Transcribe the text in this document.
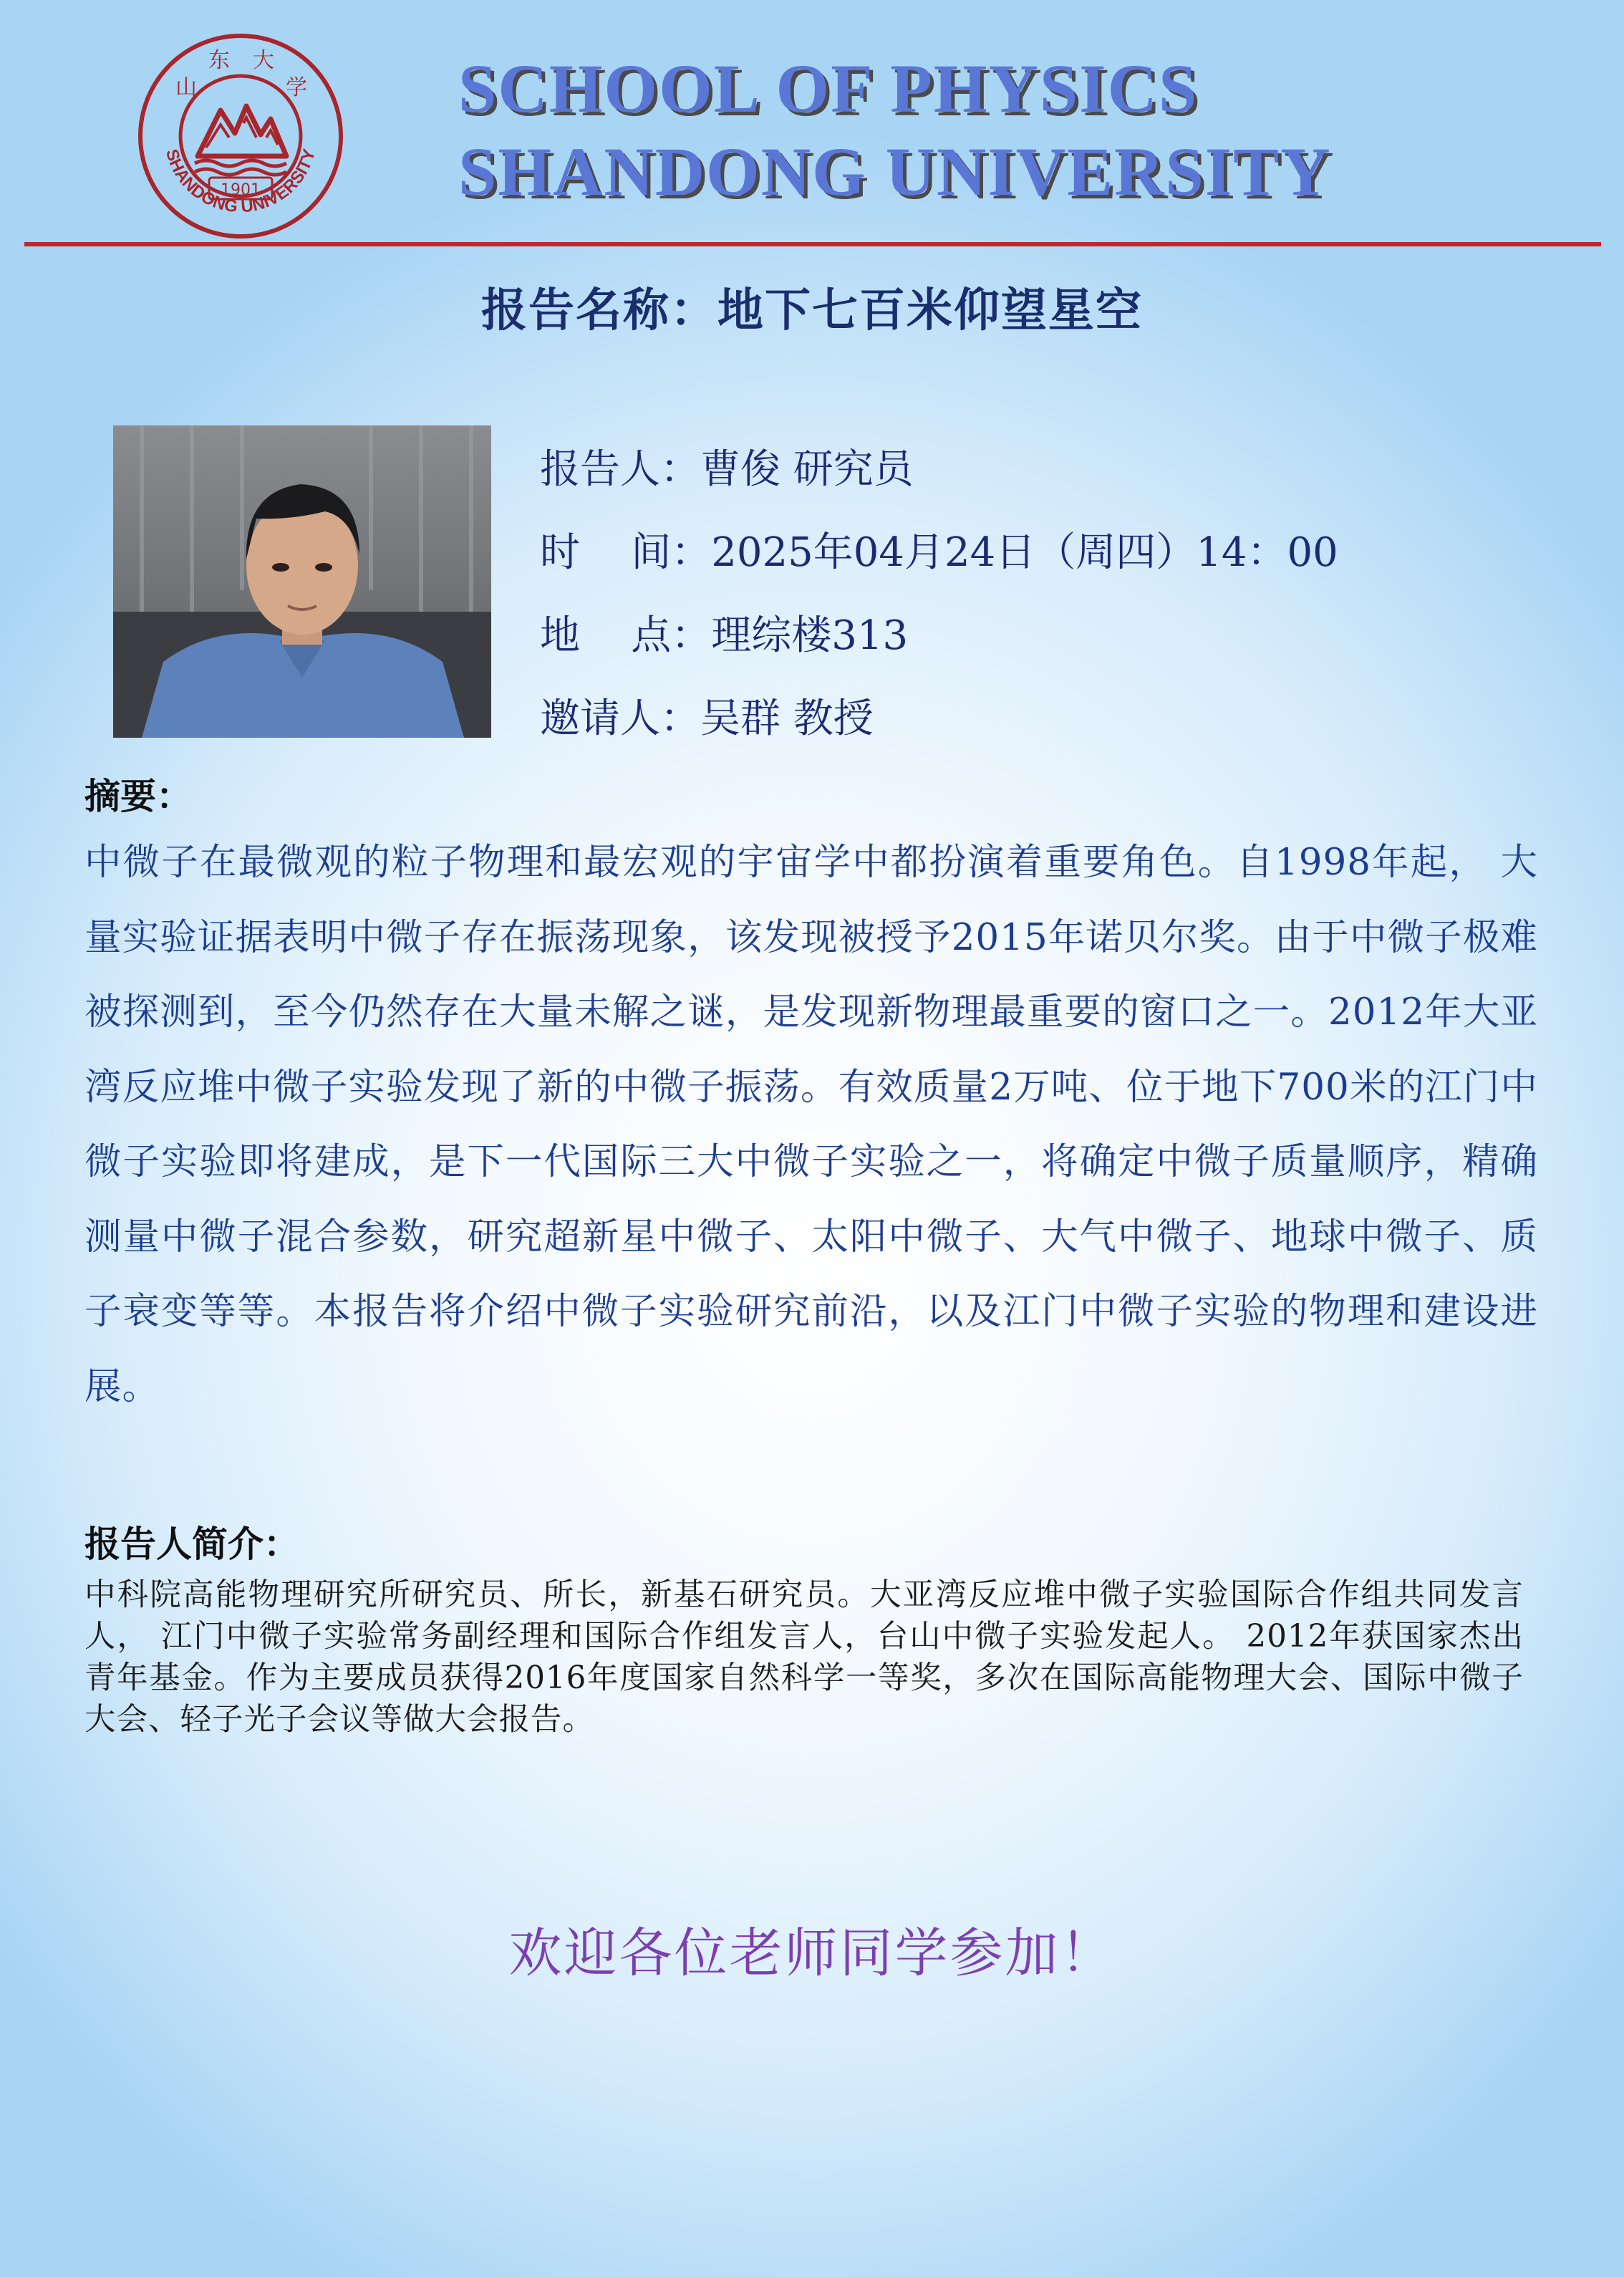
山东 大学
1901
SHANDONG UNIVERSITY
SCHOOL OF PHYSICS
SHANDONG UNIVERSITY
报告名称：地下七百米仰望星空
报告人：曹俊 研究员
时    间：2025年04月24日（周四）14：00
地    点：理综楼313
邀请人：吴群 教授
摘要：
中微子在最微观的粒子物理和最宏观的宇宙学中都扮演着重要角色。自1998年起， 大量实验证据表明中微子存在振荡现象，该发现被授予2015年诺贝尔奖。由于中微子极难被探测到，至今仍然存在大量未解之谜，是发现新物理最重要的窗口之一。2012年大亚湾反应堆中微子实验发现了新的中微子振荡。有效质量2万吨、位于地下700米的江门中微子实验即将建成，是下一代国际三大中微子实验之一，将确定中微子质量顺序，精确测量中微子混合参数，研究超新星中微子、太阳中微子、大气中微子、地球中微子、质子衰变等等。本报告将介绍中微子实验研究前沿，以及江门中微子实验的物理和建设进展。
报告人简介：
中科院高能物理研究所研究员、所长，新基石研究员。大亚湾反应堆中微子实验国际合作组共同发言人， 江门中微子实验常务副经理和国际合作组发言人，台山中微子实验发起人。 2012年获国家杰出青年基金。作为主要成员获得2016年度国家自然科学一等奖，多次在国际高能物理大会、国际中微子大会、轻子光子会议等做大会报告。
欢迎各位老师同学参加！
